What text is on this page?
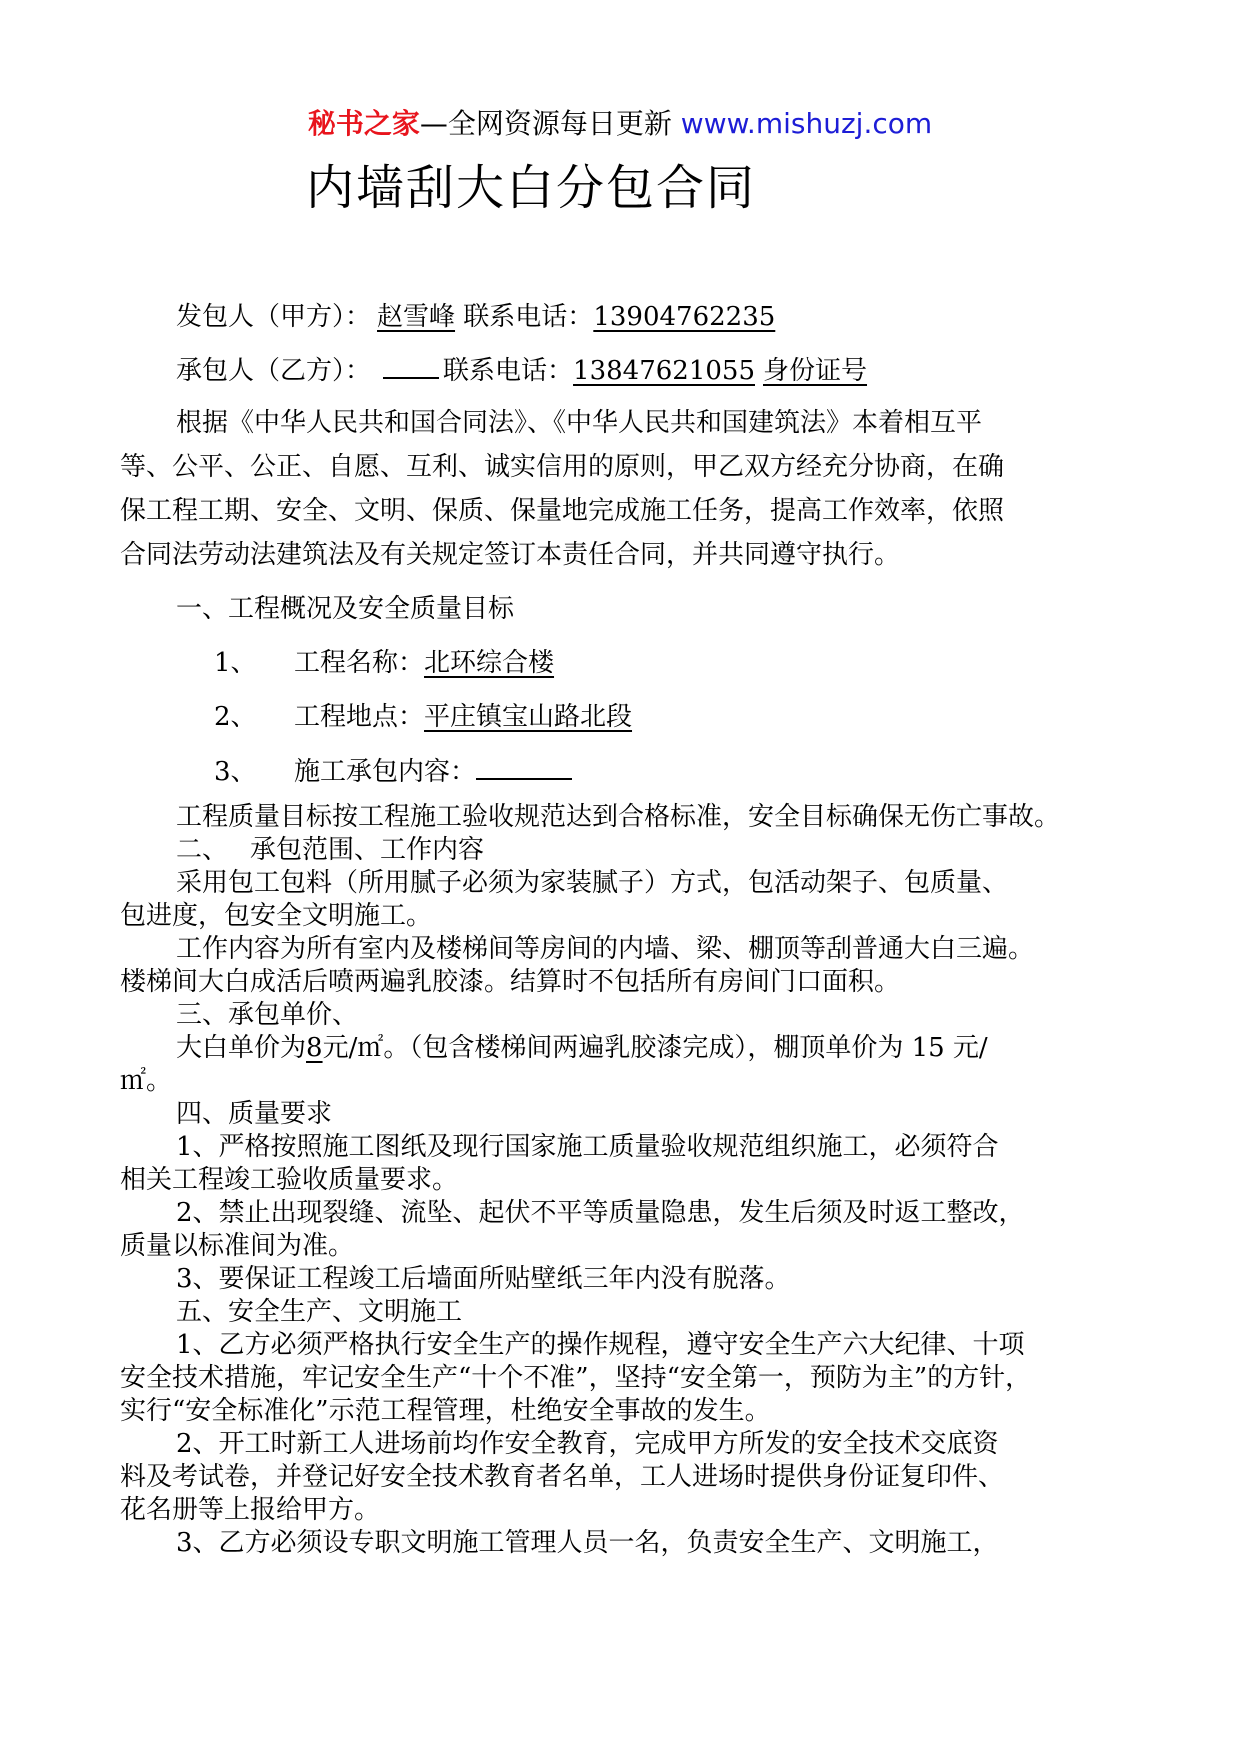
秘书之家—全网资源每日更新 www.mishuzj.com
内墙刮大白分包合同
发包人（甲方）： 赵雪峰 联系电话：13904762235
承包人（乙方）：	联系电话：13847621055 身份证号
根据《中华人民共和国合同法》、《中华人民共和国建筑法》本着相互平
等、公平、公正、自愿、互利、诚实信用的原则，甲乙双方经充分协商，在确
保工程工期、安全、文明、保质、保量地完成施工任务，提高工作效率，依照
合同法劳动法建筑法及有关规定签订本责任合同，并共同遵守执行。
一、工程概况及安全质量目标
1、 工程名称：北环综合楼
2、 工程地点：平庄镇宝山路北段
3、 施工承包内容：
工程质量目标按工程施工验收规范达到合格标准，安全目标确保无伤亡事故。
二、 承包范围、工作内容
采用包工包料（所用腻子必须为家装腻子）方式，包活动架子、包质量、
包进度，包安全文明施工。
工作内容为所有室内及楼梯间等房间的内墙、梁、棚顶等刮普通大白三遍。
楼梯间大白成活后喷两遍乳胶漆。结算时不包括所有房间门口面积。
三、承包单价、
大白单价为8元/㎡。（包含楼梯间两遍乳胶漆完成），棚顶单价为 15 元/
㎡。
四、质量要求
1、严格按照施工图纸及现行国家施工质量验收规范组织施工，必须符合
相关工程竣工验收质量要求。
2、禁止出现裂缝、流坠、起伏不平等质量隐患，发生后须及时返工整改，
质量以标准间为准。
3、要保证工程竣工后墙面所贴壁纸三年内没有脱落。
五、安全生产、文明施工
1、乙方必须严格执行安全生产的操作规程，遵守安全生产六大纪律、十项
安全技术措施，牢记安全生产“十个不准”，坚持“安全第一，预防为主”的方针，
实行“安全标准化”示范工程管理，杜绝安全事故的发生。
2、开工时新工人进场前均作安全教育，完成甲方所发的安全技术交底资
料及考试卷，并登记好安全技术教育者名单，工人进场时提供身份证复印件、
花名册等上报给甲方。
3、乙方必须设专职文明施工管理人员一名，负责安全生产、文明施工，
